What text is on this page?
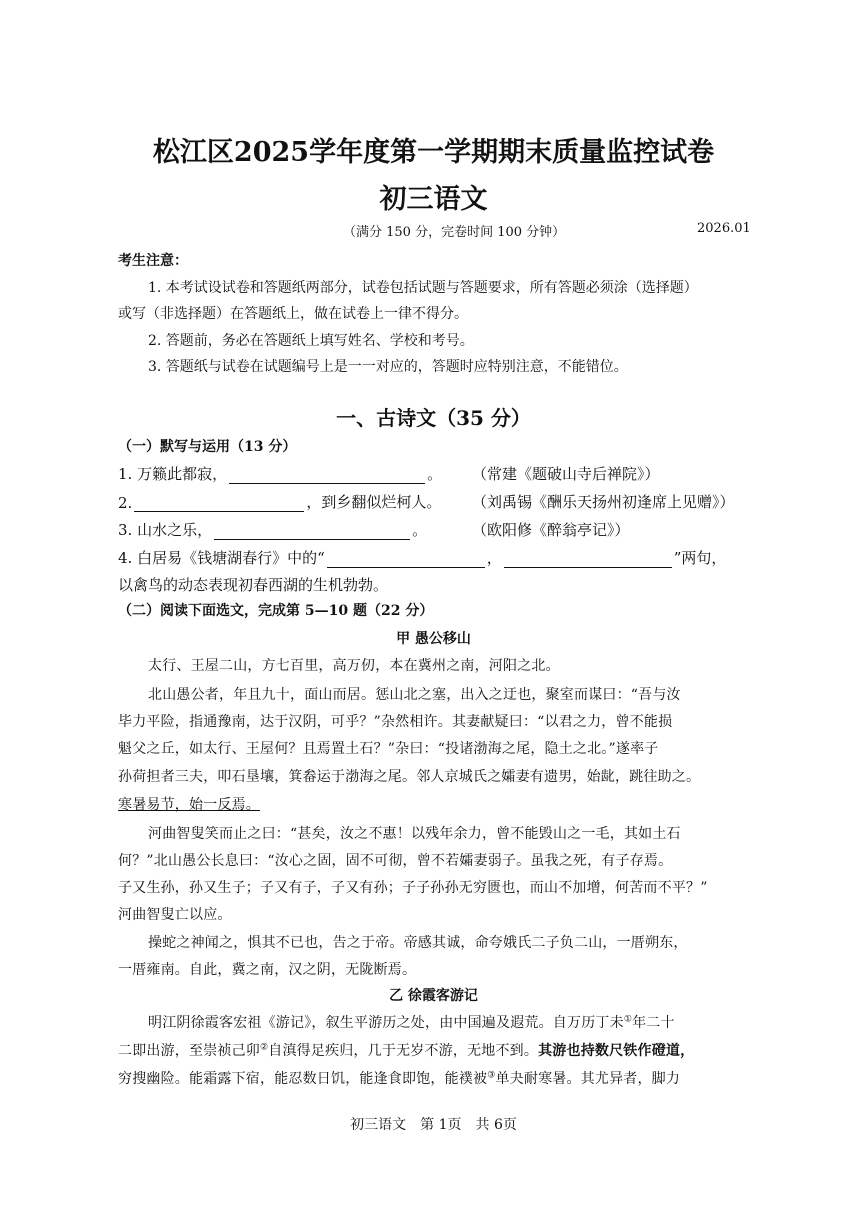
松江区2025学年度第一学期期末质量监控试卷
初三语文
（满分 150 分，完卷时间 100 分钟）	2026.01
考生注意：
1. 本考试设试卷和答题纸两部分，试卷包括试题与答题要求，所有答题必须涂（选择题）
或写（非选择题）在答题纸上，做在试卷上一律不得分。
2. 答题前，务必在答题纸上填写姓名、学校和考号。
3. 答题纸与试卷在试题编号上是一一对应的，答题时应特别注意，不能错位。
一、古诗文（35 分）
（一）默写与运用（13 分）
1. 万籁此都寂，	。 （常建《题破山寺后禅院》）
2.	，到乡翻似烂柯人。 （刘禹锡《酬乐天扬州初逢席上见赠》）
3. 山水之乐，	。	（欧阳修《醉翁亭记》）
4. 白居易《钱塘湖春行》中的“	，	”两句，
以禽鸟的动态表现初春西湖的生机勃勃。
（二）阅读下面选文，完成第 5—10 题（22 分）
甲 愚公移山
太行、王屋二山，方七百里，高万仞，本在冀州之南，河阳之北。
北山愚公者，年且九十，面山而居。惩山北之塞，出入之迂也，聚室而谋曰：“吾与汝
毕力平险，指通豫南，达于汉阴，可乎？”杂然相许。其妻献疑曰：“以君之力，曾不能损
魁父之丘，如太行、王屋何？且焉置土石？”杂曰：“投诸渤海之尾，隐土之北。”遂率子
孙荷担者三夫，叩石垦壤，箕畚运于渤海之尾。邻人京城氏之孀妻有遗男，始龀，跳往助之。
寒暑易节，始一反焉。
河曲智叟笑而止之曰：“甚矣，汝之不惠！以残年余力，曾不能毁山之一毛，其如土石
何？”北山愚公长息曰：“汝心之固，固不可彻，曾不若孀妻弱子。虽我之死，有子存焉。
子又生孙，孙又生子；子又有子，子又有孙；子子孙孙无穷匮也，而山不加增，何苦而不平？”
河曲智叟亡以应。
操蛇之神闻之，惧其不已也，告之于帝。帝感其诚，命夸娥氏二子负二山，一厝朔东，
一厝雍南。自此，冀之南，汉之阴，无陇断焉。
乙 徐霞客游记
明江阴徐霞客宏祖《游记》，叙生平游历之处，由中国遍及遐荒。自万历丁未①年二十
二即出游，至崇祯己卯②自滇得足疾归，几于无岁不游，无地不到。其游也持数尺铁作磴道，
穷搜幽险。能霜露下宿，能忍数日饥，能逢食即饱，能襆被③单夬耐寒暑。其尤异者，脚力
初三语文　第 1页　共 6页
